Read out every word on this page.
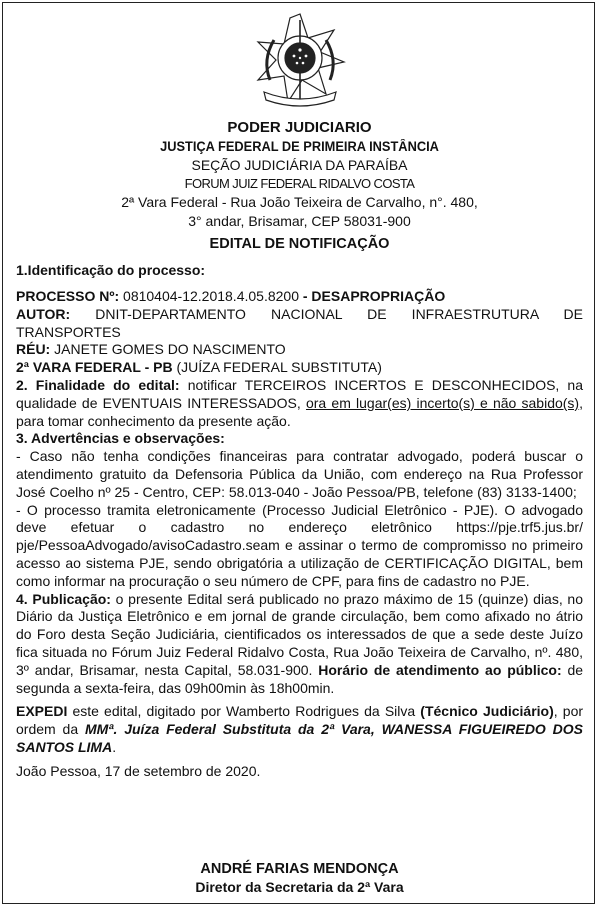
PODER JUDICIARIO
JUSTIÇA FEDERAL DE PRIMEIRA INSTÂNCIA
SEÇÃO JUDICIÁRIA DA PARAÍBA
FORUM JUIZ FEDERAL RIDALVO COSTA
2ª Vara Federal - Rua João Teixeira de Carvalho, n°. 480,
3° andar, Brisamar, CEP 58031-900
EDITAL DE NOTIFICAÇÃO
1.Identificação do processo:

PROCESSO Nº: 0810404-12.2018.4.05.8200 - DESAPROPRIAÇÃO

AUTOR: DNIT-DEPARTAMENTO NACIONAL DE INFRAESTRUTURA DE TRANSPORTES

RÉU: JANETE GOMES DO NASCIMENTO

2ª VARA FEDERAL - PB (JUÍZA FEDERAL SUBSTITUTA)

2. Finalidade do edital: notificar TERCEIROS INCERTOS E DESCONHECIDOS, na qualidade de EVENTUAIS INTERESSADOS, ora em lugar(es) incerto(s) e não sabido(s), para tomar conhecimento da presente ação.

3. Advertências e observações:

- Caso não tenha condições financeiras para contratar advogado, poderá buscar o atendimento gratuito da Defensoria Pública da União, com endereço na Rua Professor José Coelho nº 25 - Centro, CEP: 58.013-040 - João Pessoa/PB, telefone (83) 3133-1400;

- O processo tramita eletronicamente (Processo Judicial Eletrônico - PJE). O advogado deve efetuar o cadastro no endereço eletrônico https://pje.trf5.jus.br/ pje/PessoaAdvogado/avisoCadastro.seam e assinar o termo de compromisso no primeiro acesso ao sistema PJE, sendo obrigatória a utilização de CERTIFICAÇÃO DIGITAL, bem como informar na procuração o seu número de CPF, para fins de cadastro no PJE.

4. Publicação: o presente Edital será publicado no prazo máximo de 15 (quinze) dias, no Diário da Justiça Eletrônico e em jornal de grande circulação, bem como afixado no átrio do Foro desta Seção Judiciária, cientificados os interessados de que a sede deste Juízo fica situada no Fórum Juiz Federal Ridalvo Costa, Rua João Teixeira de Carvalho, nº. 480, 3º andar, Brisamar, nesta Capital, 58.031-900. Horário de atendimento ao público: de segunda a sexta-feira, das 09h00min às 18h00min.

EXPEDI este edital, digitado por Wamberto Rodrigues da Silva (Técnico Judiciário), por ordem da MMª. Juíza Federal Substituta da 2ª Vara, WANESSA FIGUEIREDO DOS SANTOS LIMA.

João Pessoa, 17 de setembro de 2020.

ANDRÉ FARIAS MENDONÇA
Diretor da Secretaria da 2ª Vara
